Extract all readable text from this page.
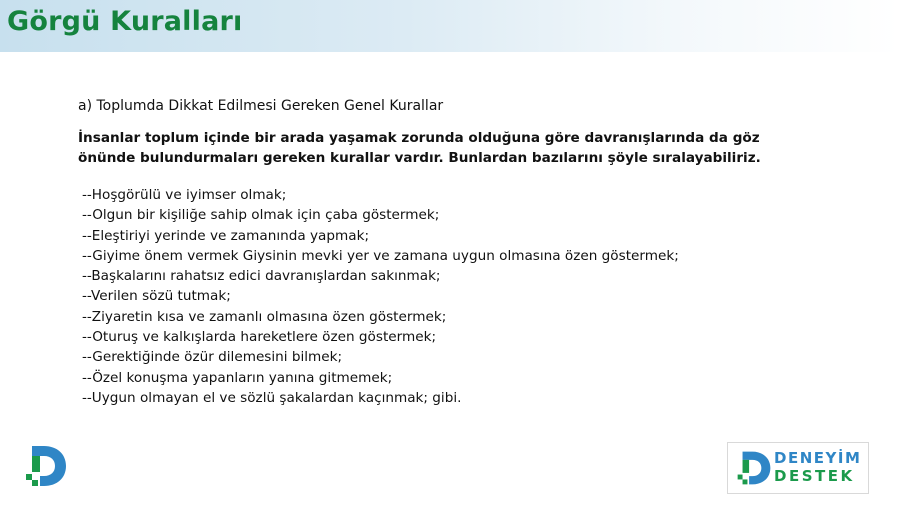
Görgü Kuralları
a) Toplumda Dikkat Edilmesi Gereken Genel Kurallar
İnsanlar toplum içinde bir arada yaşamak zorunda olduğuna göre davranışlarında da göz önünde bulundurmaları gereken kurallar vardır. Bunlardan bazılarını şöyle sıralayabiliriz.
--Hoşgörülü ve iyimser olmak;
--Olgun bir kişiliğe sahip olmak için çaba göstermek;
--Eleştiriyi yerinde ve zamanında yapmak;
--Giyime önem vermek Giysinin mevki yer ve zamana uygun olmasına özen göstermek;
--Başkalarını rahatsız edici davranışlardan sakınmak;
--Verilen sözü tutmak;
--Ziyaretin kısa ve zamanlı olmasına özen göstermek;
--Oturuş ve kalkışlarda hareketlere özen göstermek;
--Gerektiğinde özür dilemesini bilmek;
--Özel konuşma yapanların yanına gitmemek;
--Uygun olmayan el ve sözlü şakalardan kaçınmak; gibi.
DENEYİM
DESTEK
